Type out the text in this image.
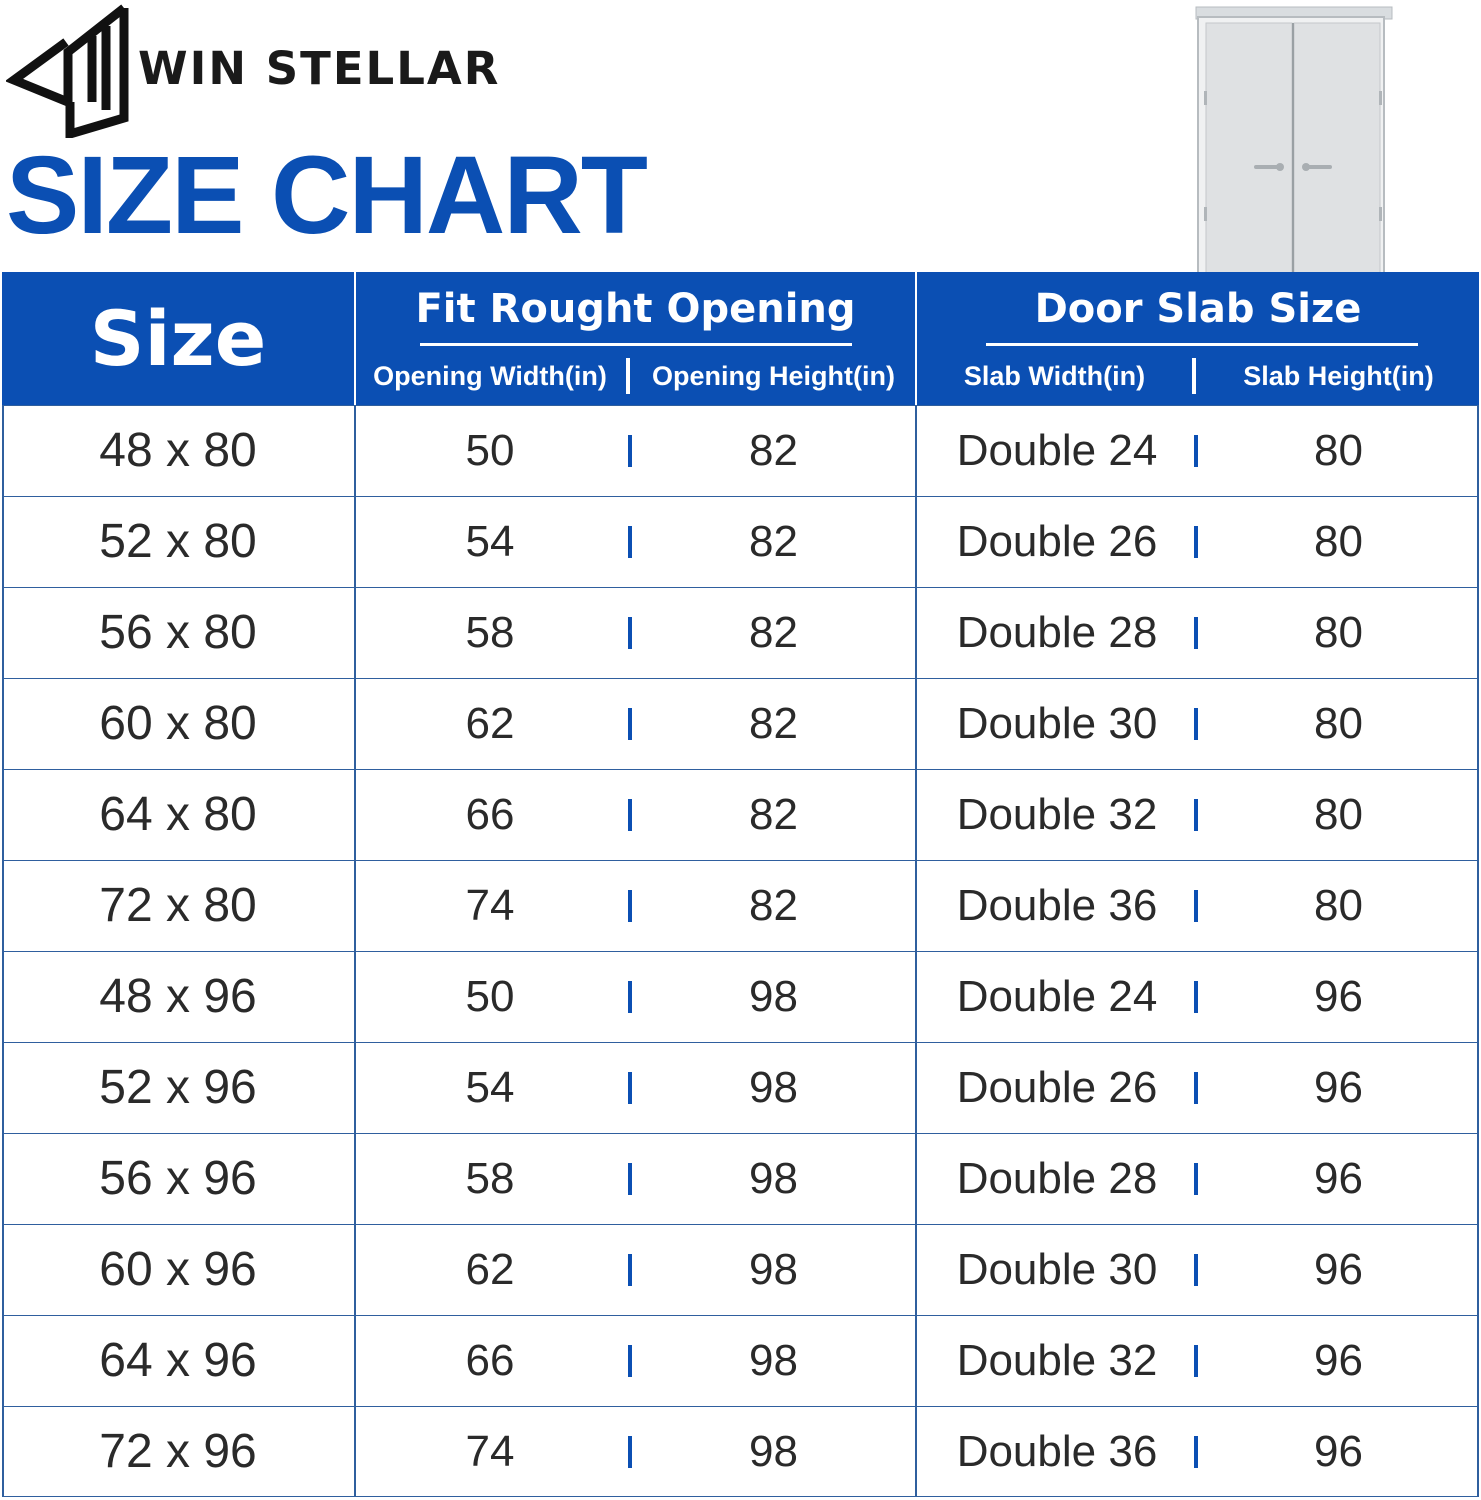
WIN STELLAR
SIZE CHART
Size	Fit Rought Opening
Opening Width(in)	Opening Height(in)
Door Slab Size
Slab Width(in)	Slab Height(in)
48 x 80	50	82	Double 24	80
52 x 80	54	82	Double 26	80
56 x 80	58	82	Double 28	80
60 x 80	62	82	Double 30	80
64 x 80	66	82	Double 32	80
72 x 80	74	82	Double 36	80
48 x 96	50	98	Double 24	96
52 x 96	54	98	Double 26	96
56 x 96	58	98	Double 28	96
60 x 96	62	98	Double 30	96
64 x 96	66	98	Double 32	96
72 x 96	74	98	Double 36	96
